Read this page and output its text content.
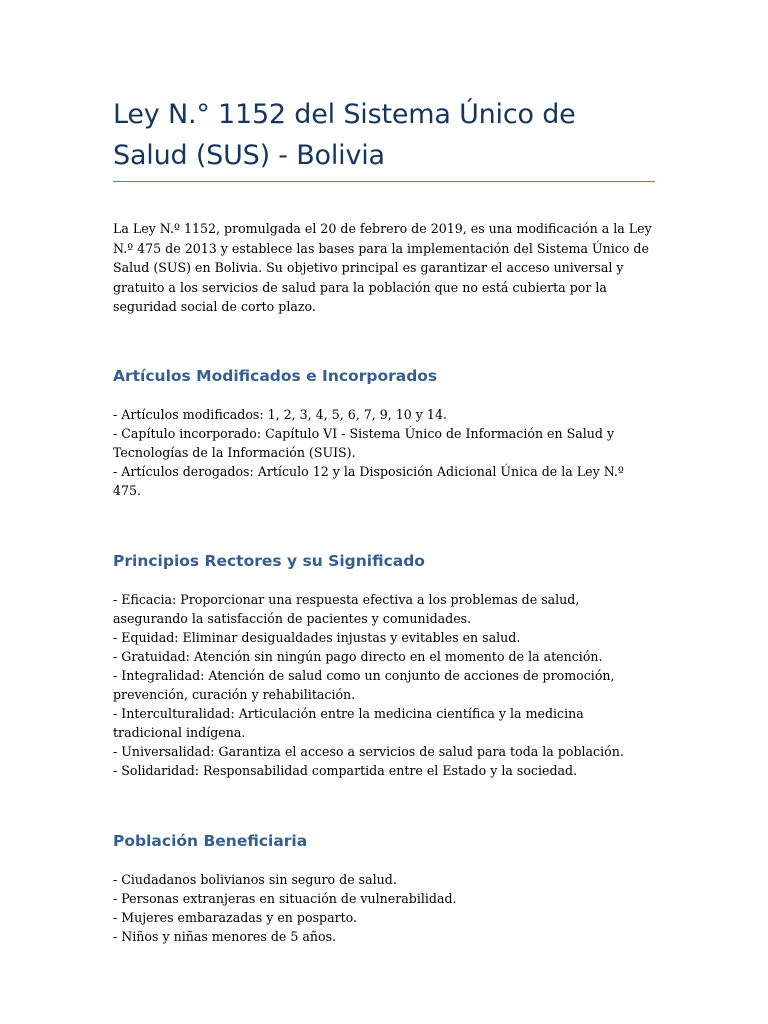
Ley N.° 1152 del Sistema Único de Salud (SUS) - Bolivia

La Ley N.º 1152, promulgada el 20 de febrero de 2019, es una modificación a la Ley N.º 475 de 2013 y establece las bases para la implementación del Sistema Único de Salud (SUS) en Bolivia. Su objetivo principal es garantizar el acceso universal y gratuito a los servicios de salud para la población que no está cubierta por la seguridad social de corto plazo.

Artículos Modificados e Incorporados
- Artículos modificados: 1, 2, 3, 4, 5, 6, 7, 9, 10 y 14.
- Capítulo incorporado: Capítulo VI - Sistema Único de Información en Salud y Tecnologías de la Información (SUIS).
- Artículos derogados: Artículo 12 y la Disposición Adicional Única de la Ley N.º 475.
Principios Rectores y su Significado
- Eficacia: Proporcionar una respuesta efectiva a los problemas de salud, asegurando la satisfacción de pacientes y comunidades.
- Equidad: Eliminar desigualdades injustas y evitables en salud.
- Gratuidad: Atención sin ningún pago directo en el momento de la atención.
- Integralidad: Atención de salud como un conjunto de acciones de promoción, prevención, curación y rehabilitación.
- Interculturalidad: Articulación entre la medicina científica y la medicina tradicional indígena.
- Universalidad: Garantiza el acceso a servicios de salud para toda la población.
- Solidaridad: Responsabilidad compartida entre el Estado y la sociedad.
Población Beneficiaria
- Ciudadanos bolivianos sin seguro de salud.
- Personas extranjeras en situación de vulnerabilidad.
- Mujeres embarazadas y en posparto.
- Niños y niñas menores de 5 años.
